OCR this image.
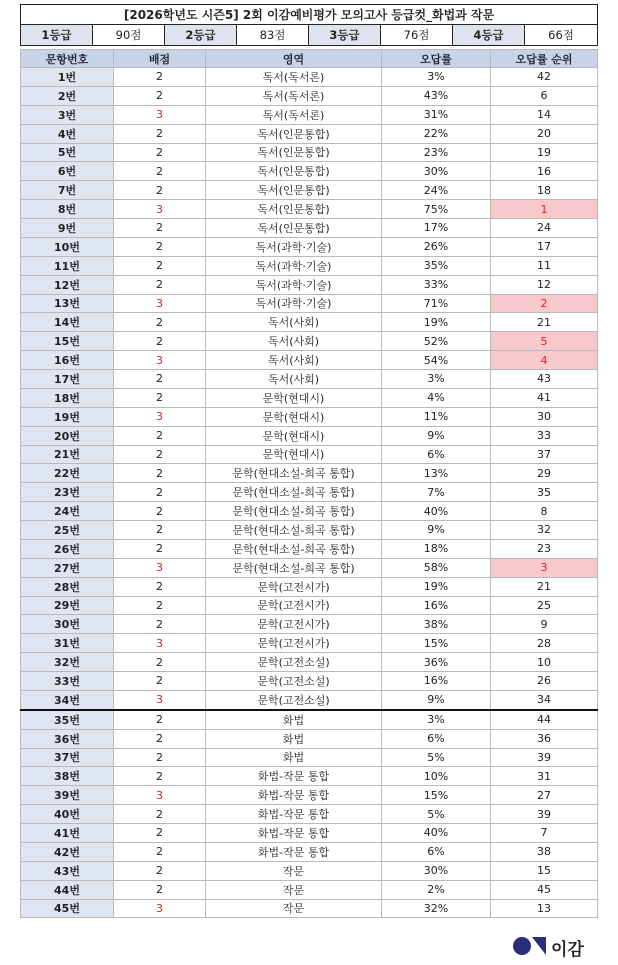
[2026학년도 시즌5] 2회 이감예비평가 모의고사 등급컷_화법과 작문
1등급	90점	2등급	83점	3등급	76점	4등급	66점
문항번호	배점	영역	오답률	오답률 순위
1번	2	독서(독서론)	3%	42
2번	2	독서(독서론)	43%	6
3번	3	독서(독서론)	31%	14
4번	2	독서(인문통합)	22%	20
5번	2	독서(인문통합)	23%	19
6번	2	독서(인문통합)	30%	16
7번	2	독서(인문통합)	24%	18
8번	3	독서(인문통합)	75%	1
9번	2	독서(인문통합)	17%	24
10번	2	독서(과학·기술)	26%	17
11번	2	독서(과학·기술)	35%	11
12번	2	독서(과학·기술)	33%	12
13번	3	독서(과학·기술)	71%	2
14번	2	독서(사회)	19%	21
15번	2	독서(사회)	52%	5
16번	3	독서(사회)	54%	4
17번	2	독서(사회)	3%	43
18번	2	문학(현대시)	4%	41
19번	3	문학(현대시)	11%	30
20번	2	문학(현대시)	9%	33
21번	2	문학(현대시)	6%	37
22번	2	문학(현대소설-희곡 통합)	13%	29
23번	2	문학(현대소설-희곡 통합)	7%	35
24번	2	문학(현대소설-희곡 통합)	40%	8
25번	2	문학(현대소설-희곡 통합)	9%	32
26번	2	문학(현대소설-희곡 통합)	18%	23
27번	3	문학(현대소설-희곡 통합)	58%	3
28번	2	문학(고전시가)	19%	21
29번	2	문학(고전시가)	16%	25
30번	2	문학(고전시가)	38%	9
31번	3	문학(고전시가)	15%	28
32번	2	문학(고전소설)	36%	10
33번	2	문학(고전소설)	16%	26
34번	3	문학(고전소설)	9%	34
35번	2	화법	3%	44
36번	2	화법	6%	36
37번	2	화법	5%	39
38번	2	화법-작문 통합	10%	31
39번	3	화법-작문 통합	15%	27
40번	2	화법-작문 통합	5%	39
41번	2	화법-작문 통합	40%	7
42번	2	화법-작문 통합	6%	38
43번	2	작문	30%	15
44번	2	작문	2%	45
45번	3	작문	32%	13
이감
